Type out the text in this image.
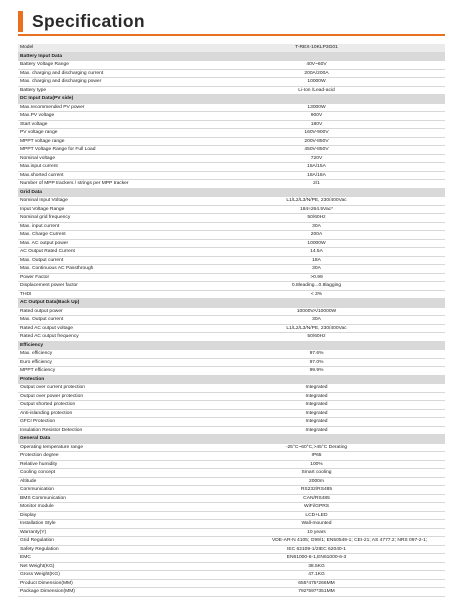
Specification
Model	T-REX-10KLP3G01
Battery Input Data	
Battery Voltage Range	40V~60V
Max. charging and discharging current	200A/200A
Max. charging and discharging power	10000W
Battery type	Li-Ion /Lead-acid
DC Input Data(PV side)	
Max.recommended PV power	13000W
Max.PV voltage	900V
Start voltage	180V
PV voltage range	160V-900V
MPPT voltage range	200V-850V
MPPT Voltage Range for Full Load	450V-850V
Nominal voltage	720V
Max.input current	15A/15A
Max.shorted current	18A/18A
Number of MPP trackers / strings per MPP tracker	2/1
Grid Data	
Nominal Input Voltage	L1/L2/L3/N/PE, 230/400Vac
Input Voltage Range	184≈264.5Vac*
Nominal grid frequency	50/60Hz
Max. input current	30A
Max. Charge Current	200A
Max. AC output power	10000W
AC Output Rated Current	14.5A
Max. Output current	18A
Max. Continuous AC Passthrough	30A
Power Factor	>0.99
Displacement power factor	0.8leading...0.8lagging
THDI	< 3%
AC Output Data(Back Up)	
Rated output power	10000VA/10000W
Max. Output current	30A
Rated AC output voltage	L1/L2/L3/N/PE, 230/400Vac
Rated AC output frequency	50/60Hz
Efficiency	
Max. efficiency	97.6%
Euro efficiency	97.0%
MPPT efficiency	99.9%
Protection	
Output over current protection	Integrated
Output over power protection	Integrated
Output shorted protection	Integrated
Anti-islanding protection	Integrated
GFCI Protection	Integrated
Insulation Resistor Detection	Integrated
General Data	
Operating temperature range	-25°C~60°C,>45°C Derating
Protection degree	IP65
Relative humidity	100%
Cooling concept	Smart cooling
Altitude	2000m
Communication	RS232/RS485
BMS Communication	CAN/RS485
Monitor module	WiFi/GPRS
Display	LCD+LED
Installation Style	Wall-mounted
Warranty(Y)	10 years
Grid Regulation	VDE-AR-N 4105; G99/1; EN50549-1; CEI-21; AS 4777.2; NRS 097-2-1;
Safety Regulation	IEC 62109-1/2IEC 62040-1
EMC	EN61000-6-1,EN61000-6-3
Net Weight(KG)	38.5KG
Gross Weight(KG)	47.1KG
Product Dimension(MM)	655*475*266MM
Package Dimension(MM)	792*597*351MM
